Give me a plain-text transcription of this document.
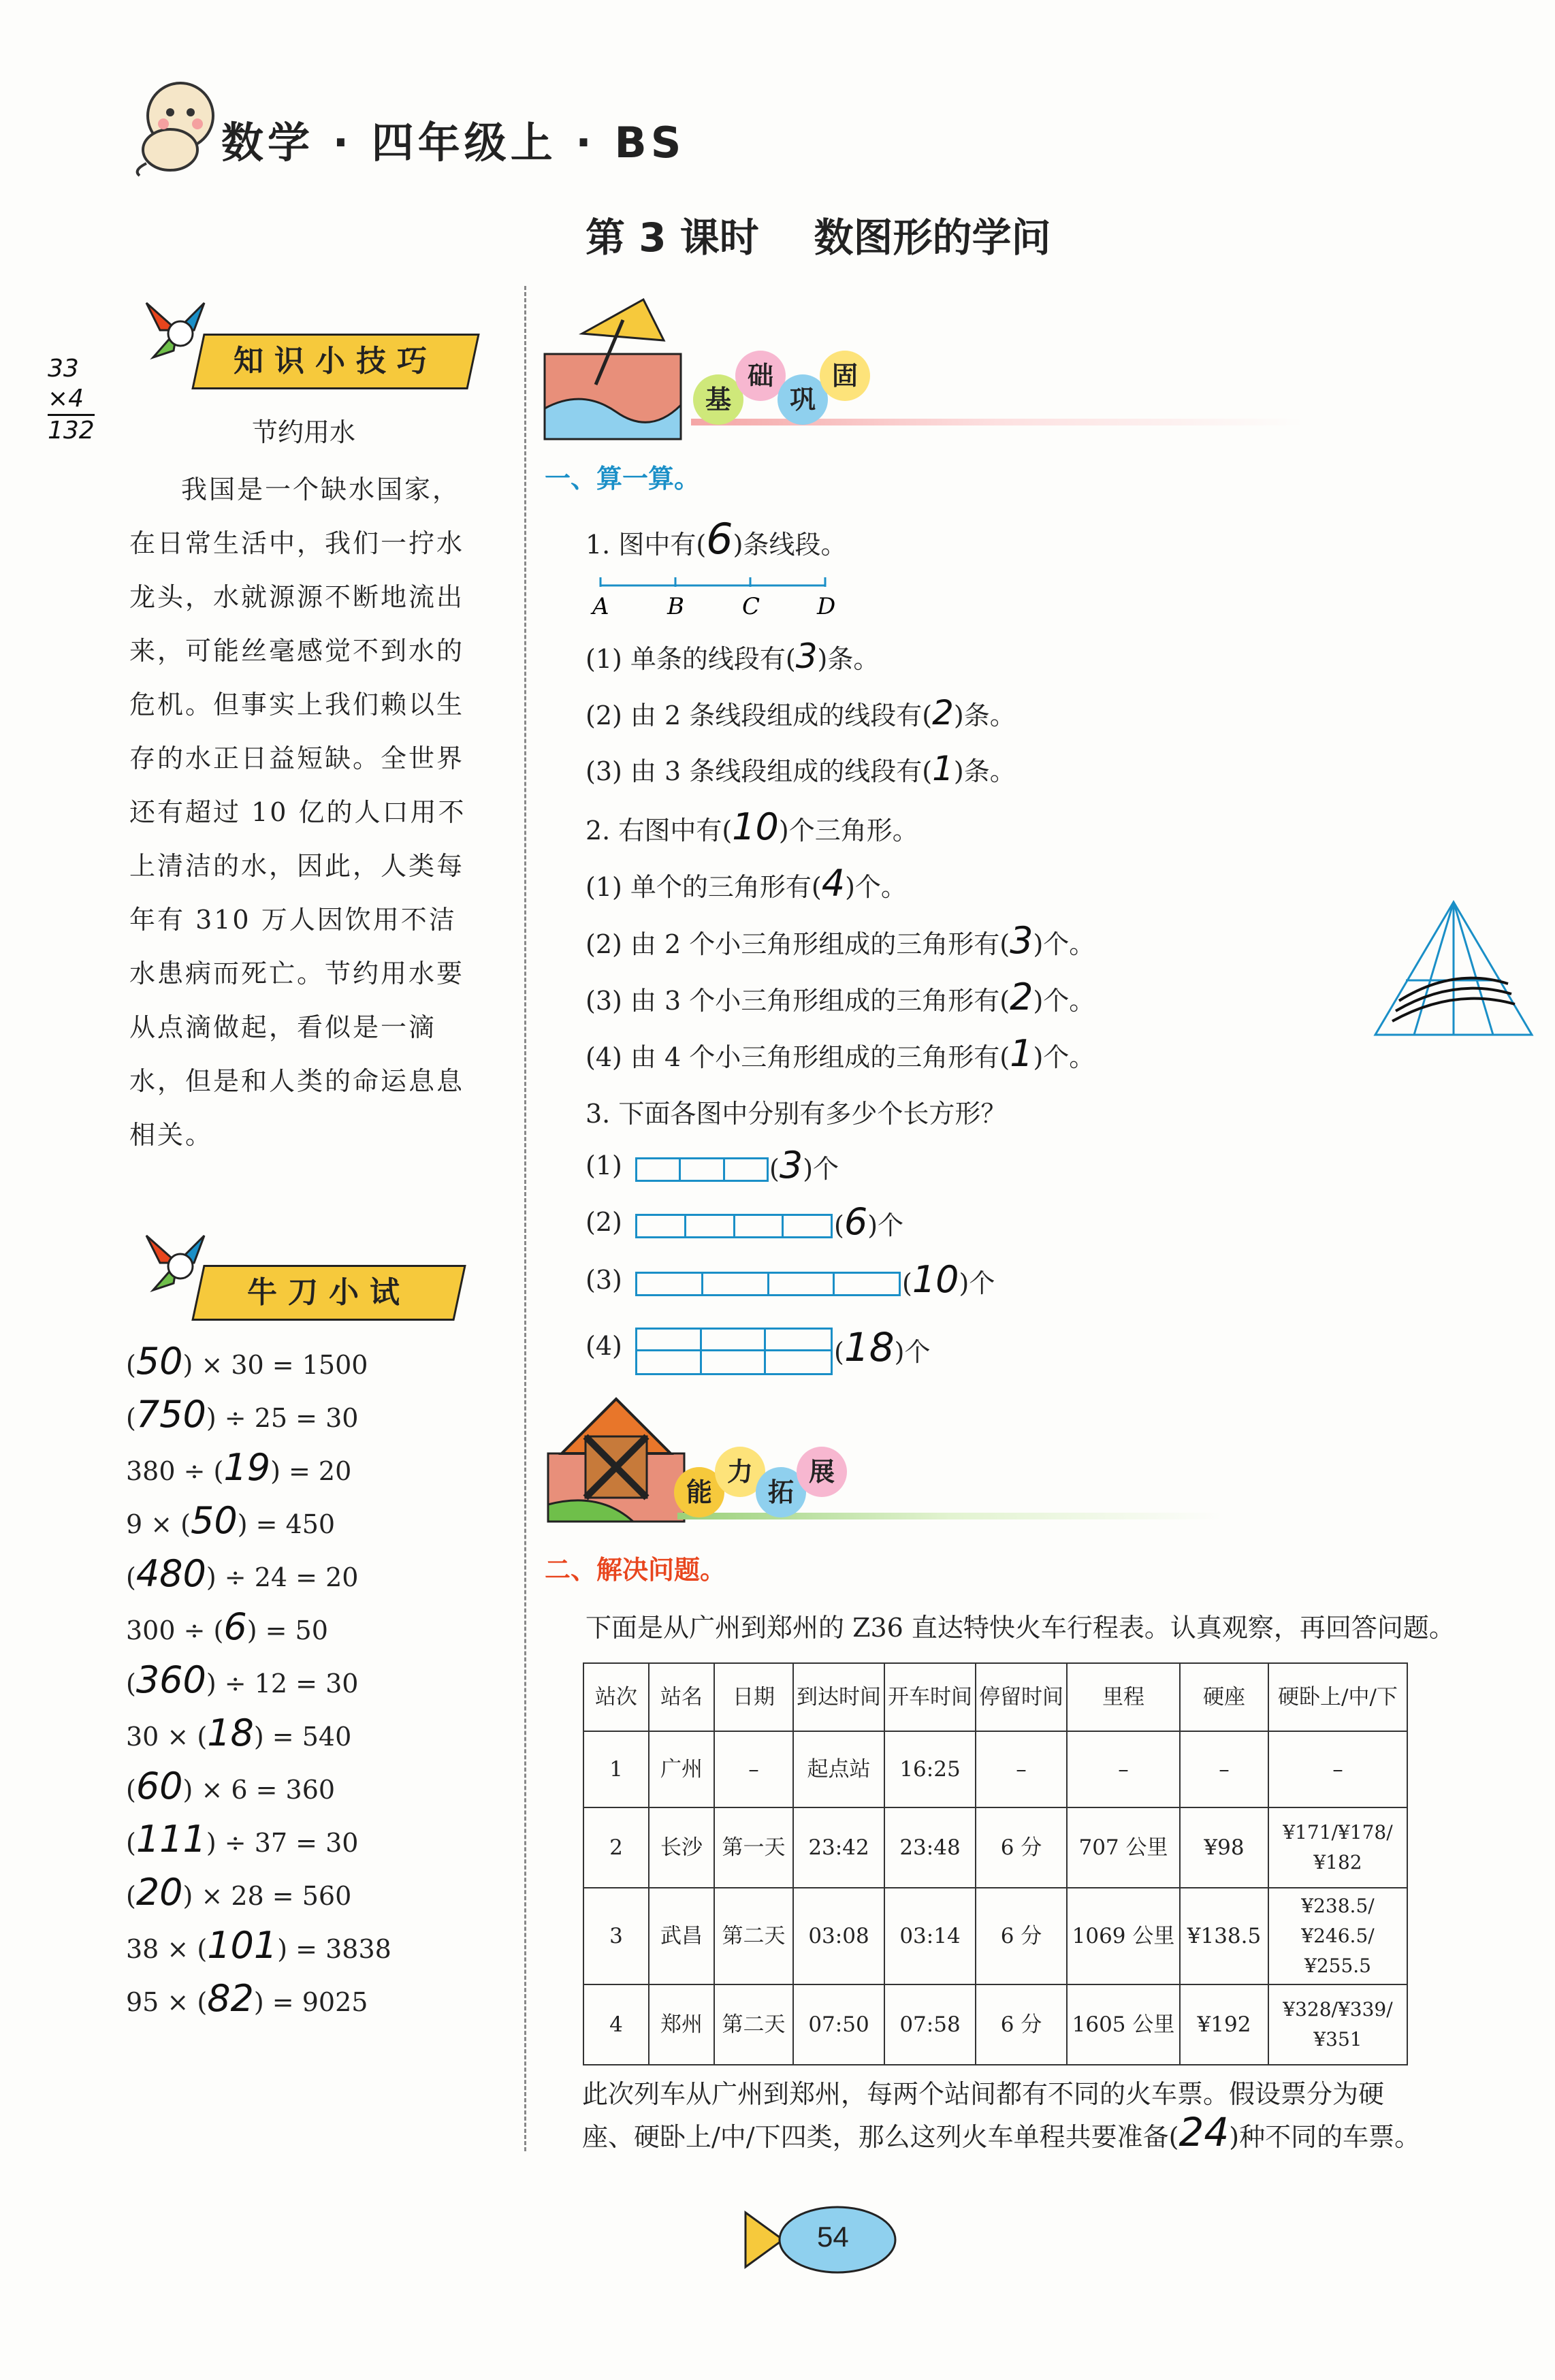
数学 · 四年级上 · BS
第 3 课时    数图形的学问
33
×4
132
知识小技巧
节约用水
我国是一个缺水国家，在日常生活中，我们一拧水龙头，水就源源不断地流出来，可能丝毫感觉不到水的危机。但事实上我们赖以生存的水正日益短缺。全世界还有超过 10 亿的人口用不上清洁的水，因此，人类每年有 310 万人因饮用不洁水患病而死亡。节约用水要从点滴做起，看似是一滴水，但是和人类的命运息息相关。
牛刀小试
(50) × 30 = 1500
(750) ÷ 25 = 30
380 ÷ (19) = 20
9 × (50) = 450
(480) ÷ 24 = 20
300 ÷ (6) = 50
(360) ÷ 12 = 30
30 × (18) = 540
(60) × 6 = 360
(111) ÷ 37 = 30
(20) × 28 = 560
38 × (101) = 3838
95 × (82) = 9025
基
础
巩
固
一、算一算。
1. 图中有(6)条线段。
A	B	C D
(1) 单条的线段有(3)条。
(2) 由 2 条线段组成的线段有(2)条。
(3) 由 3 条线段组成的线段有(1)条。
2. 右图中有(10)个三角形。
(1) 单个的三角形有(4)个。
(2) 由 2 个小三角形组成的三角形有(3)个。
(3) 由 3 个小三角形组成的三角形有(2)个。
(4) 由 4 个小三角形组成的三角形有(1)个。
3. 下面各图中分别有多少个长方形？
(1)	(3)个
(2)	(6)个
(3)	(10)个
(4)	(18)个
能
力
拓
展
二、解决问题。
下面是从广州到郑州的 Z36 直达特快火车行程表。认真观察，再回答问题。
站次	站名	日期	到达时间	开车时间	停留时间	里程	硬座	硬卧上/中/下
1	广州	–	起点站	16:25	–	–	–	–
2	长沙	第一天	23:42	23:48	6 分	707 公里	¥98	¥171/¥178/¥182
3	武昌	第二天	03:08	03:14	6 分	1069 公里	¥138.5	¥238.5/¥246.5/¥255.5
4	郑州	第二天	07:50	07:58	6 分	1605 公里	¥192	¥328/¥339/¥351
此次列车从广州到郑州，每两个站间都有不同的火车票。假设票分为硬
座、硬卧上/中/下四类，那么这列火车单程共要准备(24)种不同的车票。
54
